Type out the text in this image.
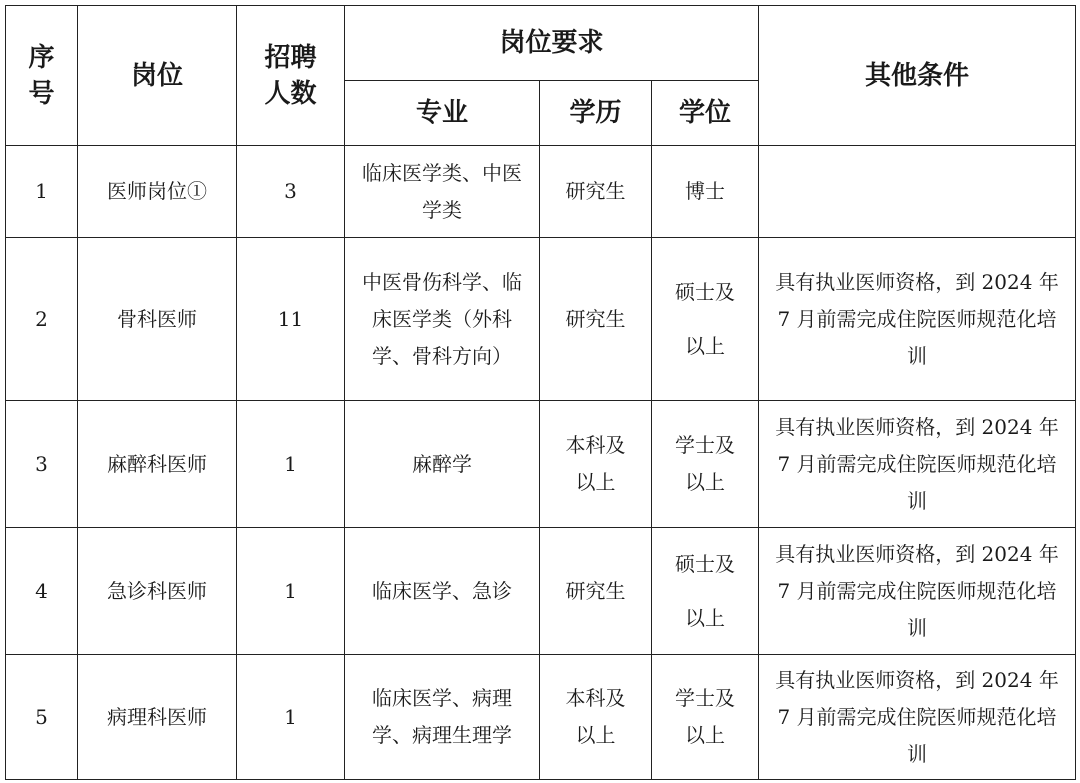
序号	岗位	招聘人数	岗位要求			其他条件
			专业	学历	学位	
1	医师岗位①	3	临床医学类、中医学类	研究生	博士	
2	骨科医师	11	中医骨伤科学、临床医学类（外科学、骨科方向）	研究生	硕士及以上	具有执业医师资格，到 2024 年 7 月前需完成住院医师规范化培训
3	麻醉科医师	1	麻醉学	本科及以上	学士及以上	具有执业医师资格，到 2024 年 7 月前需完成住院医师规范化培训
4	急诊科医师	1	临床医学、急诊	研究生	硕士及以上	具有执业医师资格，到 2024 年 7 月前需完成住院医师规范化培训
5	病理科医师	1	临床医学、病理学、病理生理学	本科及以上	学士及以上	具有执业医师资格，到 2024 年 7 月前需完成住院医师规范化培训
